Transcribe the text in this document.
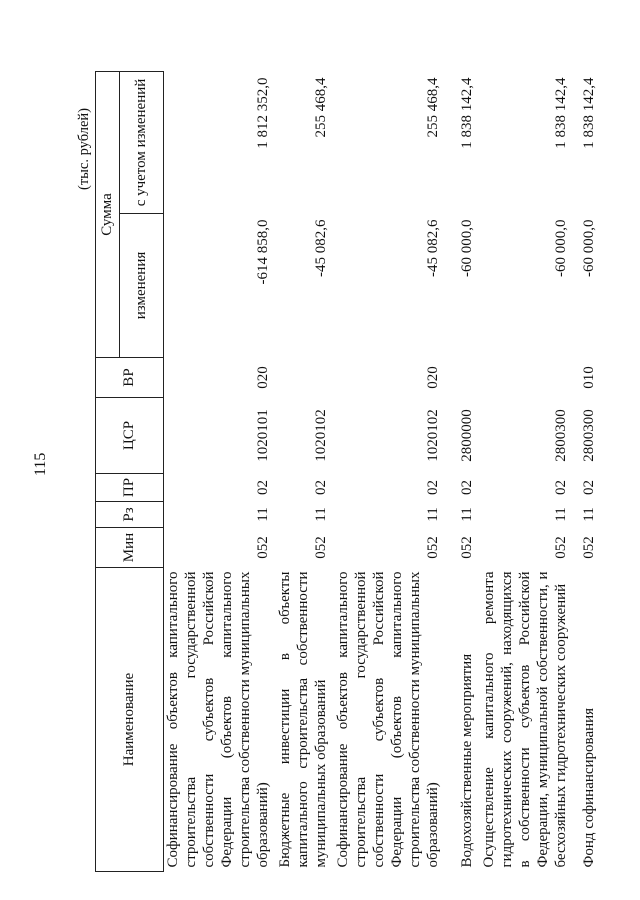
115
(тыс. рублей)
Наименование	Мин	Рз	ПР	ЦСР	ВР	Сумма	
						изменения	с учетом изменений
Софинансирование объектов капитального строительства государственной собственности субъектов Российской Федерации (объектов капитального строительства собственности муниципальных образований)	052	11	02	1020101	020	-614 858,0	1 812 352,0
Бюджетные инвестиции в объекты капитального строительства собственности муниципальных образований	052	11	02	1020102		-45 082,6	255 468,4
Софинансирование объектов капитального строительства государственной собственности субъектов Российской Федерации (объектов капитального строительства собственности муниципальных образований)	052	11	02	1020102	020	-45 082,6	255 468,4
Водохозяйственные мероприятия	052	11	02	2800000		-60 000,0	1 838 142,4
Осуществление капитального ремонта гидротехнических сооружений, находящихся в собственности субъектов Российской Федерации, муниципальной собственности, и бесхозяйных гидротехнических сооружений	052	11	02	2800300		-60 000,0	1 838 142,4
Фонд софинансирования	052	11	02	2800300	010	-60 000,0	1 838 142,4
